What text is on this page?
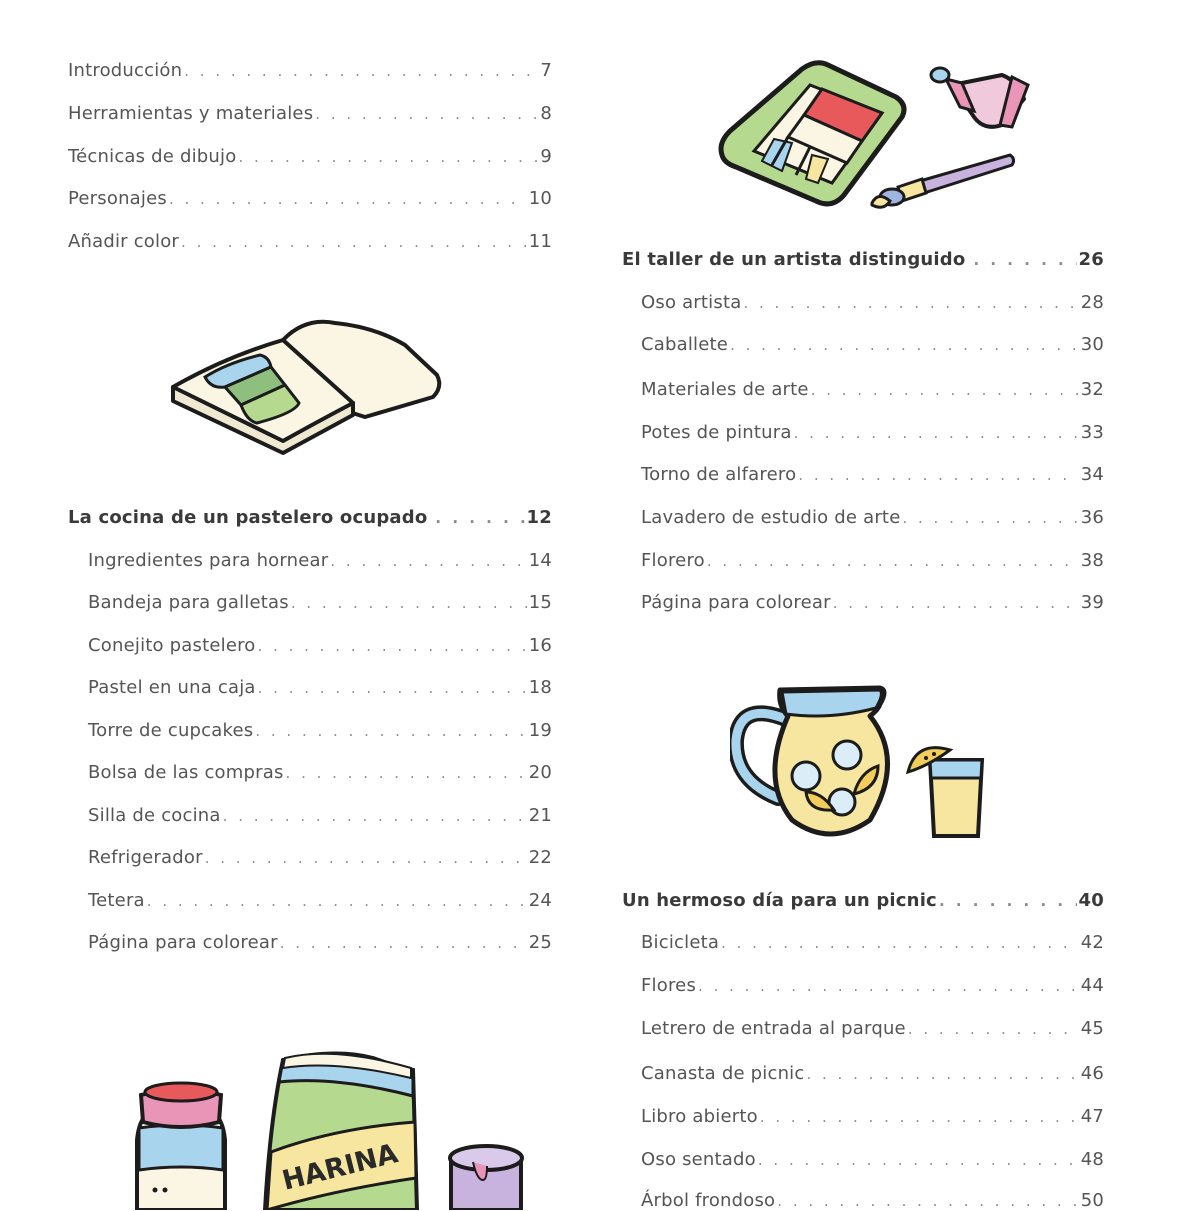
Introducción . . .	7
Herramientas y materiales . . .	8
Técnicas de dibujo . . .	9
Personajes . . .	10
Añadir color . . .	11
La cocina de un pastelero ocupado . . .	12
Ingredientes para hornear . . .	14
Bandeja para galletas . . .	15
Conejito pastelero . . .	16
Pastel en una caja . . .	18
Torre de cupcakes . . .	19
Bolsa de las compras . . .	20
Silla de cocina . . .	21
Refrigerador . . .	22
Tetera . . .	24
Página para colorear . . .	25
HARINA
El taller de un artista distinguido . . .	26
Oso artista . . .	28
Caballete . . .	30
Materiales de arte . . .	32
Potes de pintura . . .	33
Torno de alfarero . . .	34
Lavadero de estudio de arte . . .	36
Florero . . .	38
Página para colorear . . .	39
Un hermoso día para un picnic . . .	40
Bicicleta . . .	42
Flores . . .	44
Letrero de entrada al parque . . .	45
Canasta de picnic . . .	46
Libro abierto . . .	47
Oso sentado . . .	48
Árbol frondoso . . .	50
